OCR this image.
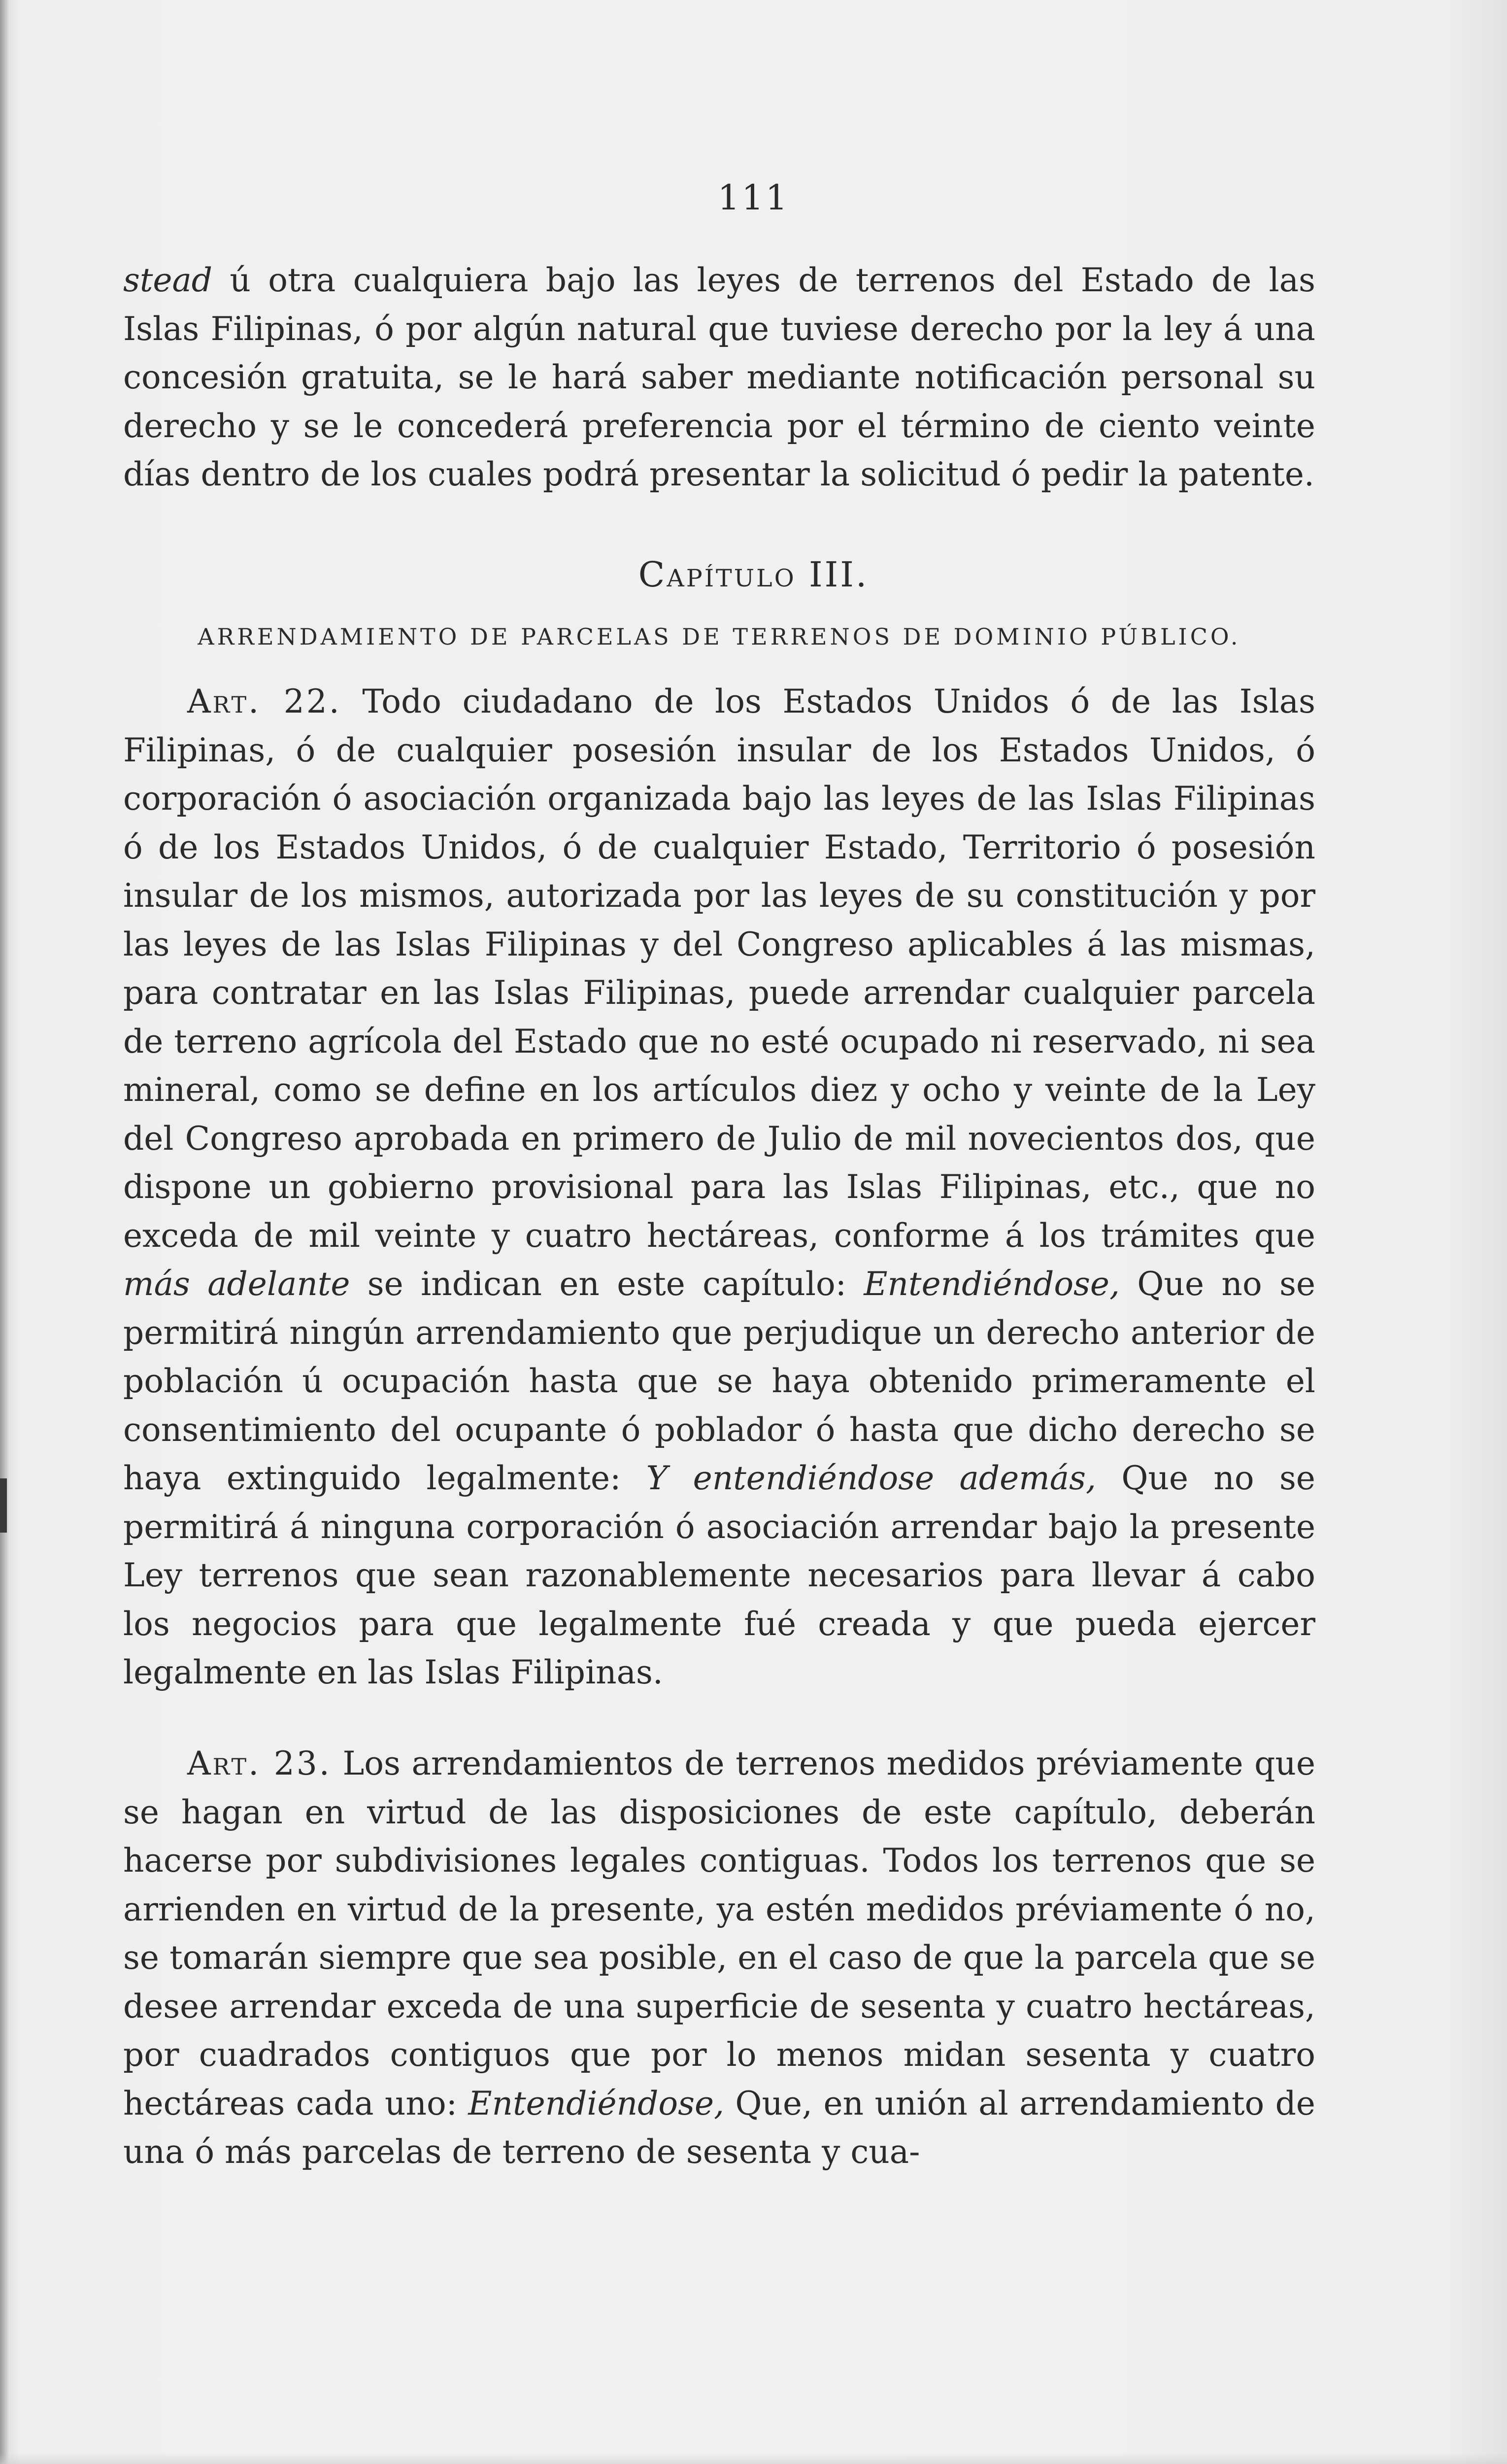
111
stead ú otra cualquiera bajo las leyes de terrenos del Estado de las Islas Filipinas, ó por algún natural que tuviese derecho por la ley á una concesión gratuita, se le hará saber mediante notificación personal su derecho y se le concederá preferencia por el término de ciento veinte días dentro de los cuales podrá presentar la solicitud ó pedir la patente.
Capítulo III.
ARRENDAMIENTO DE PARCELAS DE TERRENOS DE DOMINIO PÚBLICO.
Art. 22. Todo ciudadano de los Estados Unidos ó de las Islas Filipinas, ó de cualquier posesión insular de los Estados Unidos, ó corporación ó asociación organizada bajo las leyes de las Islas Filipinas ó de los Estados Unidos, ó de cualquier Estado, Territorio ó posesión insular de los mismos, autorizada por las leyes de su constitución y por las leyes de las Islas Filipinas y del Congreso aplicables á las mismas, para contratar en las Islas Filipinas, puede arrendar cualquier parcela de terreno agrícola del Estado que no esté ocupado ni reservado, ni sea mineral, como se define en los artículos diez y ocho y veinte de la Ley del Congreso aprobada en primero de Julio de mil novecientos dos, que dispone un gobierno provisional para las Islas Filipinas, etc., que no exceda de mil veinte y cuatro hectáreas, conforme á los trámites que más adelante se indican en este capítulo: Entendiéndose, Que no se permitirá ningún arrendamiento que perjudique un derecho anterior de población ú ocupación hasta que se haya obtenido primeramente el consentimiento del ocupante ó poblador ó hasta que dicho derecho se haya extinguido legalmente: Y entendiéndose además, Que no se permitirá á ninguna corporación ó asociación arrendar bajo la presente Ley terrenos que sean razonablemente necesarios para llevar á cabo los negocios para que legalmente fué creada y que pueda ejercer legalmente en las Islas Filipinas.
Art. 23. Los arrendamientos de terrenos medidos préviamente que se hagan en virtud de las disposiciones de este capítulo, deberán hacerse por subdivisiones legales contiguas. Todos los terrenos que se arrienden en virtud de la presente, ya estén medidos préviamente ó no, se tomarán siempre que sea posible, en el caso de que la parcela que se desee arrendar exceda de una superficie de sesenta y cuatro hectáreas, por cuadrados contiguos que por lo menos midan sesenta y cuatro hectáreas cada uno: Entendiéndose, Que, en unión al arrendamiento de una ó más parcelas de terreno de sesenta y cua-
